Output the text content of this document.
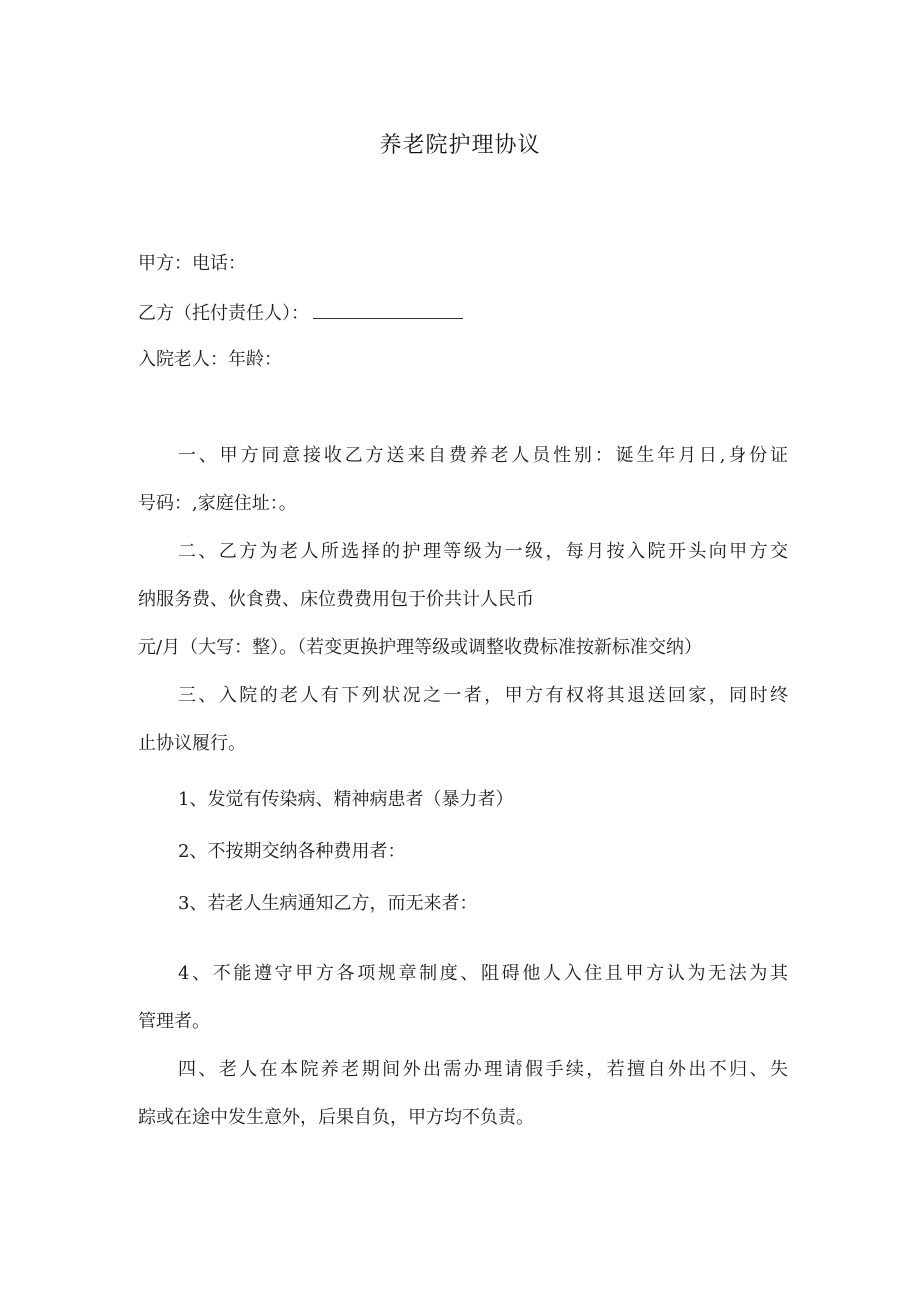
养老院护理协议
甲方：电话：
乙方（托付责任人）：
入院老人：年龄：
一、甲方同意接收乙方送来自费养老人员性别：诞生年月日,身份证
号码：,家庭住址：。
二、乙方为老人所选择的护理等级为一级，每月按入院开头向甲方交
纳服务费、伙食费、床位费费用包于价共计人民币
元/月（大写：整）。（若变更换护理等级或调整收费标准按新标准交纳）
三、入院的老人有下列状况之一者，甲方有权将其退送回家，同时终
止协议履行。
1、发觉有传染病、精神病患者（暴力者）
2、不按期交纳各种费用者：
3、若老人生病通知乙方，而无来者：
4、不能遵守甲方各项规章制度、阻碍他人入住且甲方认为无法为其
管理者。
四、老人在本院养老期间外出需办理请假手续，若擅自外出不归、失
踪或在途中发生意外，后果自负，甲方均不负责。
